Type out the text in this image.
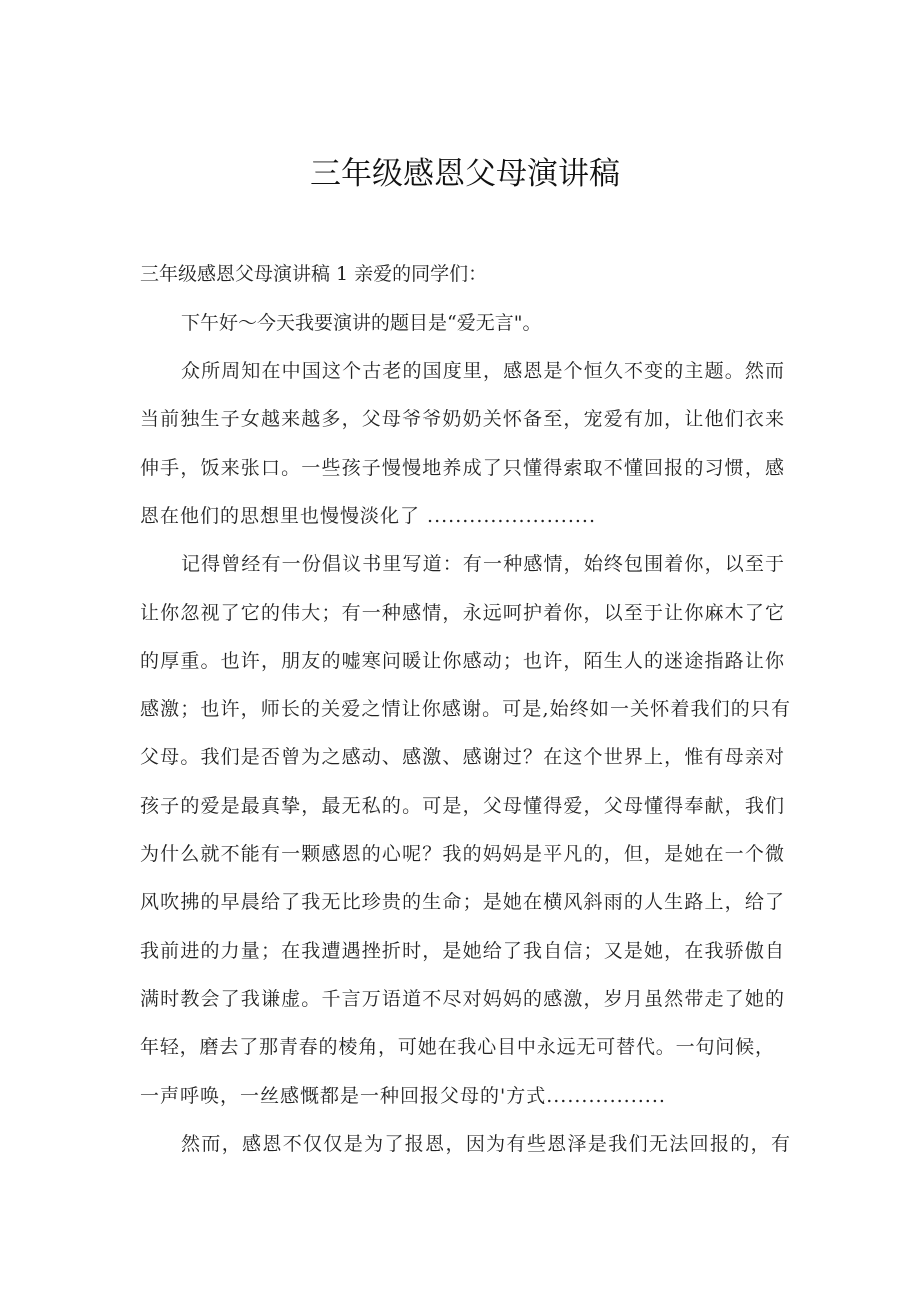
三年级感恩父母演讲稿

三年级感恩父母演讲稿 1 亲爱的同学们：

下午好～今天我要演讲的题目是“爱无言"。

众所周知在中国这个古老的国度里，感恩是个恒久不变的主题。然而

当前独生子女越来越多，父母爷爷奶奶关怀备至，宠爱有加，让他们衣来

伸手，饭来张口。一些孩子慢慢地养成了只懂得索取不懂回报的习惯，感

恩在他们的思想里也慢慢淡化了 ........................

记得曾经有一份倡议书里写道：有一种感情，始终包围着你，以至于

让你忽视了它的伟大；有一种感情，永远呵护着你，以至于让你麻木了它

的厚重。也许，朋友的嘘寒问暖让你感动；也许，陌生人的迷途指路让你

感激；也许，师长的关爱之情让你感谢。可是,始终如一关怀着我们的只有

父母。我们是否曾为之感动、感激、感谢过？在这个世界上，惟有母亲对

孩子的爱是最真挚，最无私的。可是，父母懂得爱，父母懂得奉献，我们

为什么就不能有一颗感恩的心呢？我的妈妈是平凡的，但，是她在一个微

风吹拂的早晨给了我无比珍贵的生命；是她在横风斜雨的人生路上，给了

我前进的力量；在我遭遇挫折时，是她给了我自信；又是她，在我骄傲自

满时教会了我谦虚。千言万语道不尽对妈妈的感激，岁月虽然带走了她的

年轻，磨去了那青春的棱角，可她在我心目中永远无可替代。一句问候，

一声呼唤，一丝感慨都是一种回报父母的'方式.................

然而，感恩不仅仅是为了报恩，因为有些恩泽是我们无法回报的，有
